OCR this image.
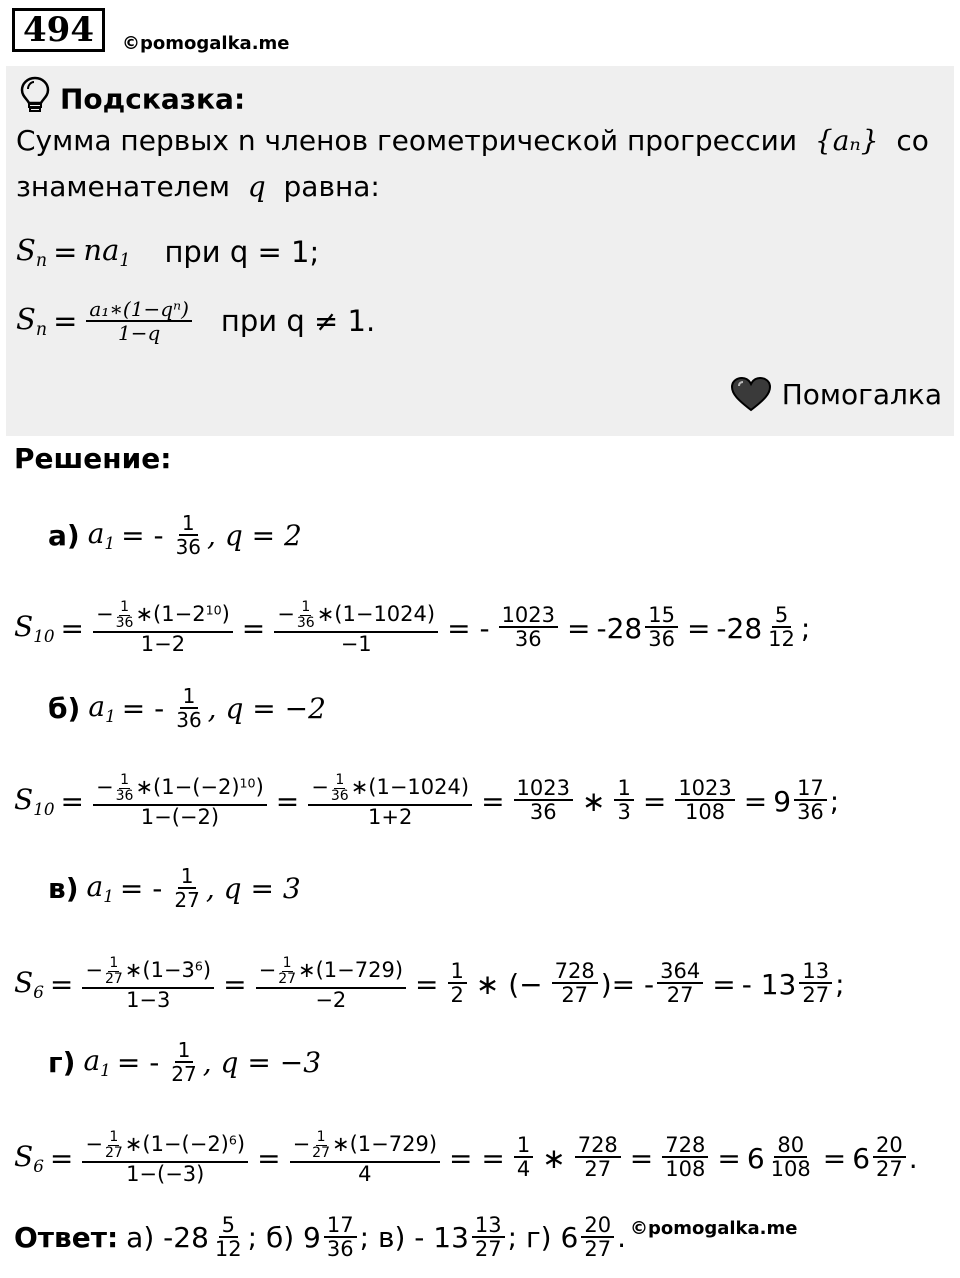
494	©pomogalka.me
Подсказка:
Сумма первых n членов геометрической прогрессии {aₙ} со знаменателем q равна:
$S_n = na_1$ при q = 1;
$S_n = \frac{\text{a₁∗(1−qⁿ)}}{1-q}$ при q ≠ 1.
Помогалка
Решение:
а) $a_1$ = - $\frac{1}{36}$ , q = 2
$S_{10} = \frac{- \frac{1}{36} ∗(1-2^{10})}{1-2} = \frac{- \frac{1}{36} ∗(1-1024)}{-1}$ = - $\frac{1023}{36} = -28 \frac{15}{36} = -28 \frac{5}{12}$ ;
б) $a_1$ = - $\frac{1}{36}$ , q = −2
$S_{10} = \frac{- \frac{1}{36} ∗(1-(-2)^{10})}{1-(-2)} = \frac{- \frac{1}{36} ∗(1-1024)}{1+2} = \frac{1023}{36}$ ∗ $\frac{1}{3} = \frac{1023}{108} = 9 \frac{17}{36}$ ;
в) $a_1$ = - $\frac{1}{27}$ , q = 3
$S_6 = \frac{- \frac{1}{27} ∗(1-3^6)}{1-3} = \frac{- \frac{1}{27} ∗(1-729)}{-2} = \frac{1}{2}$ ∗ (− $\frac{728}{27}$ )= - $\frac{364}{27}$ = - $13 \frac{13}{27}$ ;
г) $a_1$ = - $\frac{1}{27}$ , q = −3
$S_6 = \frac{- \frac{1}{27} ∗(1-(-2)^6)}{1-(-3)} = \frac{- \frac{1}{27} ∗(1-729)}{4}$ = = $\frac{1}{4}$ ∗ $\frac{728}{27} = \frac{728}{108} = 6 \frac{80}{108} = 6 \frac{20}{27}$ .
Ответ: а) $-28 \frac{5}{12}$ ; б) $9 \frac{17}{36}$ ; $в) - 13 \frac{13}{27}$ ; г) $6 \frac{20}{27}$ . ©pomogalka.me
